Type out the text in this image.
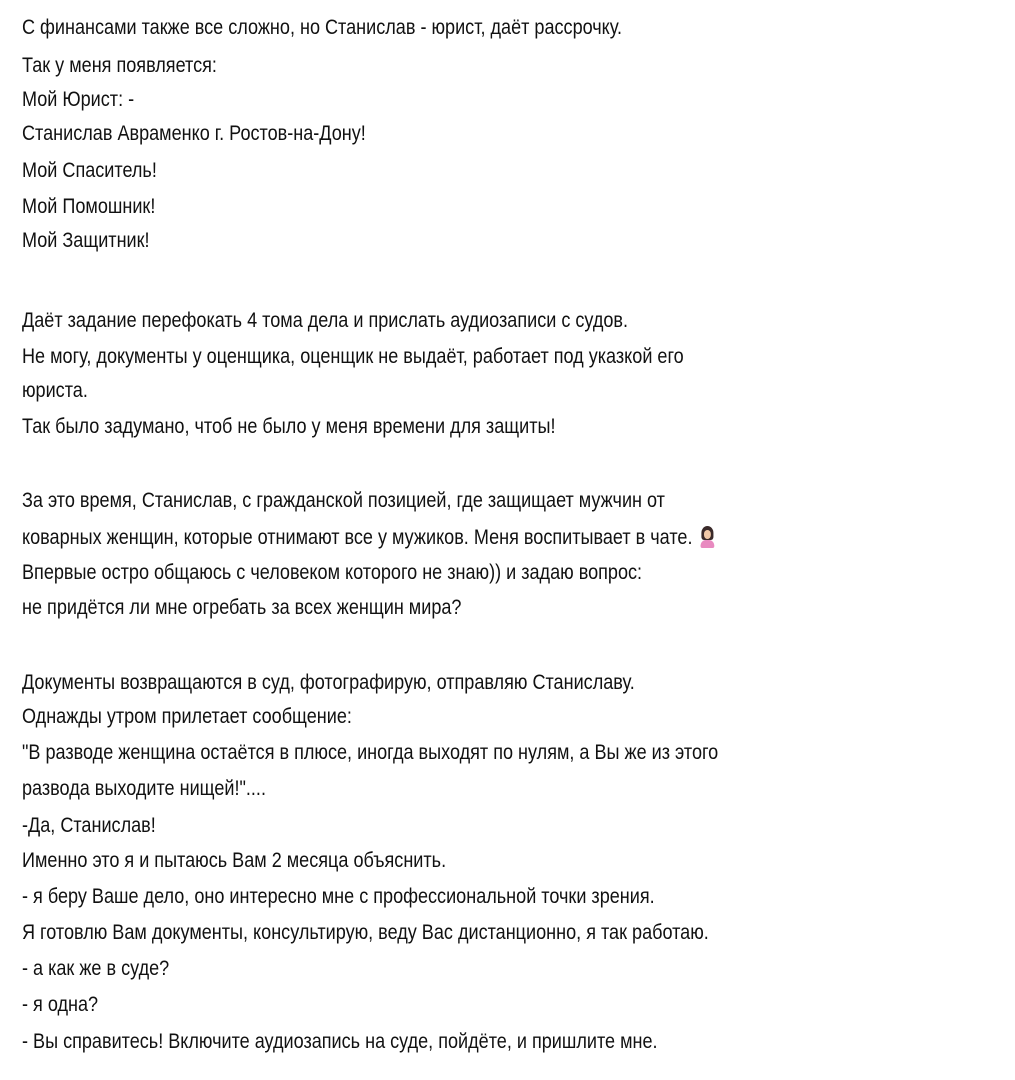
С финансами также все сложно, но Станислав - юрист, даёт рассрочку.
Так у меня появляется:
Мой Юрист: -
Станислав Авраменко г. Ростов-на-Дону!
Мой Спаситель!
Мой Помошник!
Мой Защитник!
Даёт задание перефокать 4 тома дела и прислать аудиозаписи с судов.
Не могу, документы у оценщика, оценщик не выдаёт, работает под указкой его
юриста.
Так было задумано, чтоб не было у меня времени для защиты!
За это время, Станислав, с гражданской позицией, где защищает мужчин от
коварных женщин, которые отнимают все у мужиков. Меня воспитывает в чате.
Впервые остро общаюсь с человеком которого не знаю)) и задаю вопрос:
не придётся ли мне огребать за всех женщин мира?
Документы возвращаются в суд, фотографирую, отправляю Станиславу.
Однажды утром прилетает сообщение:
"В разводе женщина остаётся в плюсе, иногда выходят по нулям, а Вы же из этого
развода выходите нищей!"....
-Да, Станислав!
Именно это я и пытаюсь Вам 2 месяца объяснить.
- я беру Ваше дело, оно интересно мне с профессиональной точки зрения.
Я готовлю Вам документы, консультирую, веду Вас дистанционно, я так работаю.
- а как же в суде?
- я одна?
- Вы справитесь! Включите аудиозапись на суде, пойдёте, и пришлите мне.
